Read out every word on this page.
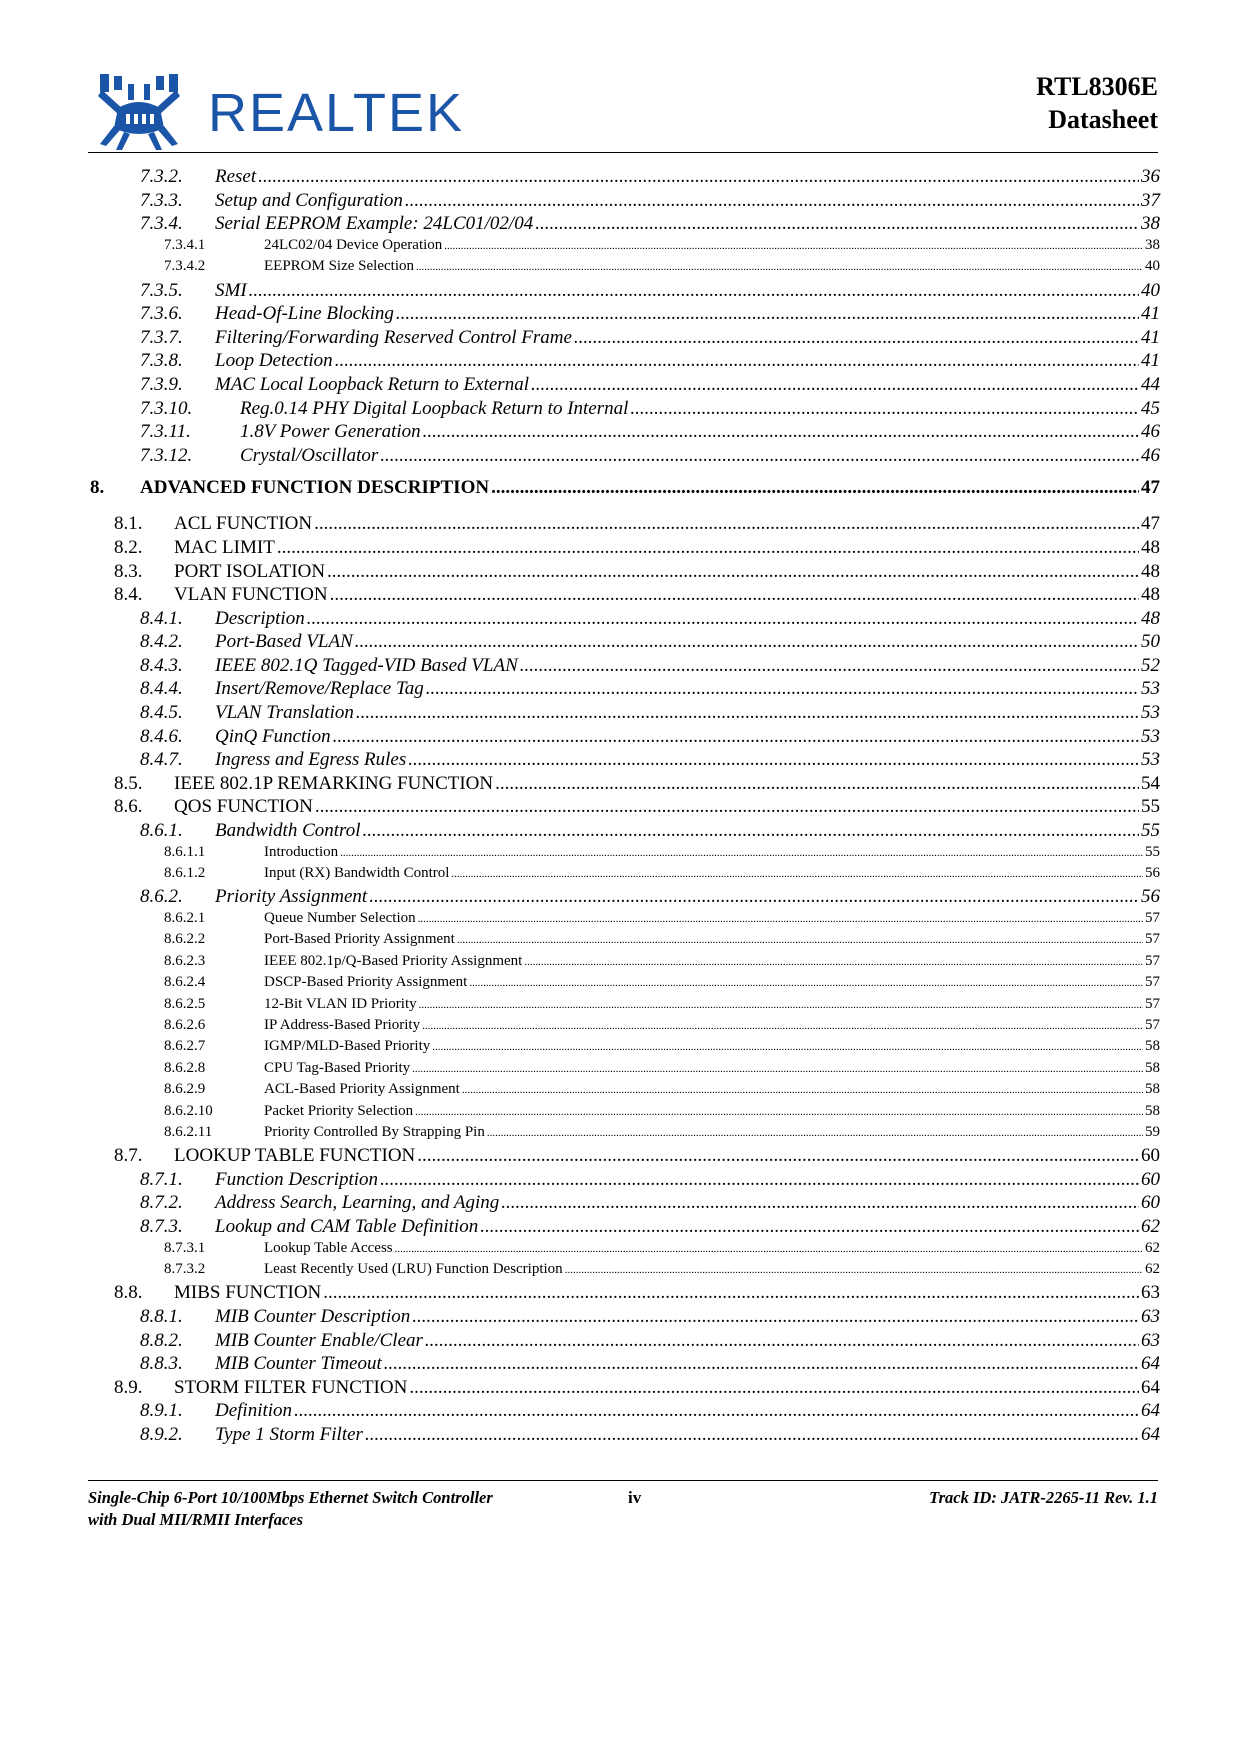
REALTEK	RTL8306E
Datasheet
7.3.2.	Reset .....	36
7.3.3.	Setup and Configuration .....	37
7.3.4.	Serial EEPROM Example: 24LC01/02/04 .....	38
7.3.4.1	24LC02/04 Device Operation .....	38
7.3.4.2	EEPROM Size Selection .....	40
7.3.5.	SMI .....	40
7.3.6.	Head-Of-Line Blocking .....	41
7.3.7.	Filtering/Forwarding Reserved Control Frame .....	41
7.3.8.	Loop Detection .....	41
7.3.9.	MAC Local Loopback Return to External .....	44
7.3.10.	Reg.0.14 PHY Digital Loopback Return to Internal .....	45
7.3.11.	1.8V Power Generation .....	46
7.3.12.	Crystal/Oscillator .....	46
8.	ADVANCED FUNCTION DESCRIPTION .....	47
8.1.	ACL FUNCTION .....	47
8.2.	MAC LIMIT .....	48
8.3.	PORT ISOLATION .....	48
8.4.	VLAN FUNCTION .....	48
8.4.1.	Description .....	48
8.4.2.	Port-Based VLAN .....	50
8.4.3.	IEEE 802.1Q Tagged-VID Based VLAN .....	52
8.4.4.	Insert/Remove/Replace Tag .....	53
8.4.5.	VLAN Translation .....	53
8.4.6.	QinQ Function .....	53
8.4.7.	Ingress and Egress Rules .....	53
8.5.	IEEE 802.1P REMARKING FUNCTION .....	54
8.6.	QOS FUNCTION .....	55
8.6.1.	Bandwidth Control .....	55
8.6.1.1	Introduction .....	55
8.6.1.2	Input (RX) Bandwidth Control .....	56
8.6.2.	Priority Assignment .....	56
8.6.2.1	Queue Number Selection .....	57
8.6.2.2	Port-Based Priority Assignment .....	57
8.6.2.3	IEEE 802.1p/Q-Based Priority Assignment .....	57
8.6.2.4	DSCP-Based Priority Assignment .....	57
8.6.2.5	12-Bit VLAN ID Priority .....	57
8.6.2.6	IP Address-Based Priority .....	57
8.6.2.7	IGMP/MLD-Based Priority .....	58
8.6.2.8	CPU Tag-Based Priority .....	58
8.6.2.9	ACL-Based Priority Assignment .....	58
8.6.2.10	Packet Priority Selection .....	58
8.6.2.11	Priority Controlled By Strapping Pin .....	59
8.7.	LOOKUP TABLE FUNCTION .....	60
8.7.1.	Function Description .....	60
8.7.2.	Address Search, Learning, and Aging .....	60
8.7.3.	Lookup and CAM Table Definition .....	62
8.7.3.1	Lookup Table Access .....	62
8.7.3.2	Least Recently Used (LRU) Function Description .....	62
8.8.	MIBS FUNCTION .....	63
8.8.1.	MIB Counter Description .....	63
8.8.2.	MIB Counter Enable/Clear .....	63
8.8.3.	MIB Counter Timeout .....	64
8.9.	STORM FILTER FUNCTION .....	64
8.9.1.	Definition .....	64
8.9.2.	Type 1 Storm Filter .....	64
Single-Chip 6-Port 10/100Mbps Ethernet Switch Controller
with Dual MII/RMII Interfaces
iv	Track ID: JATR-2265-11 Rev. 1.1
